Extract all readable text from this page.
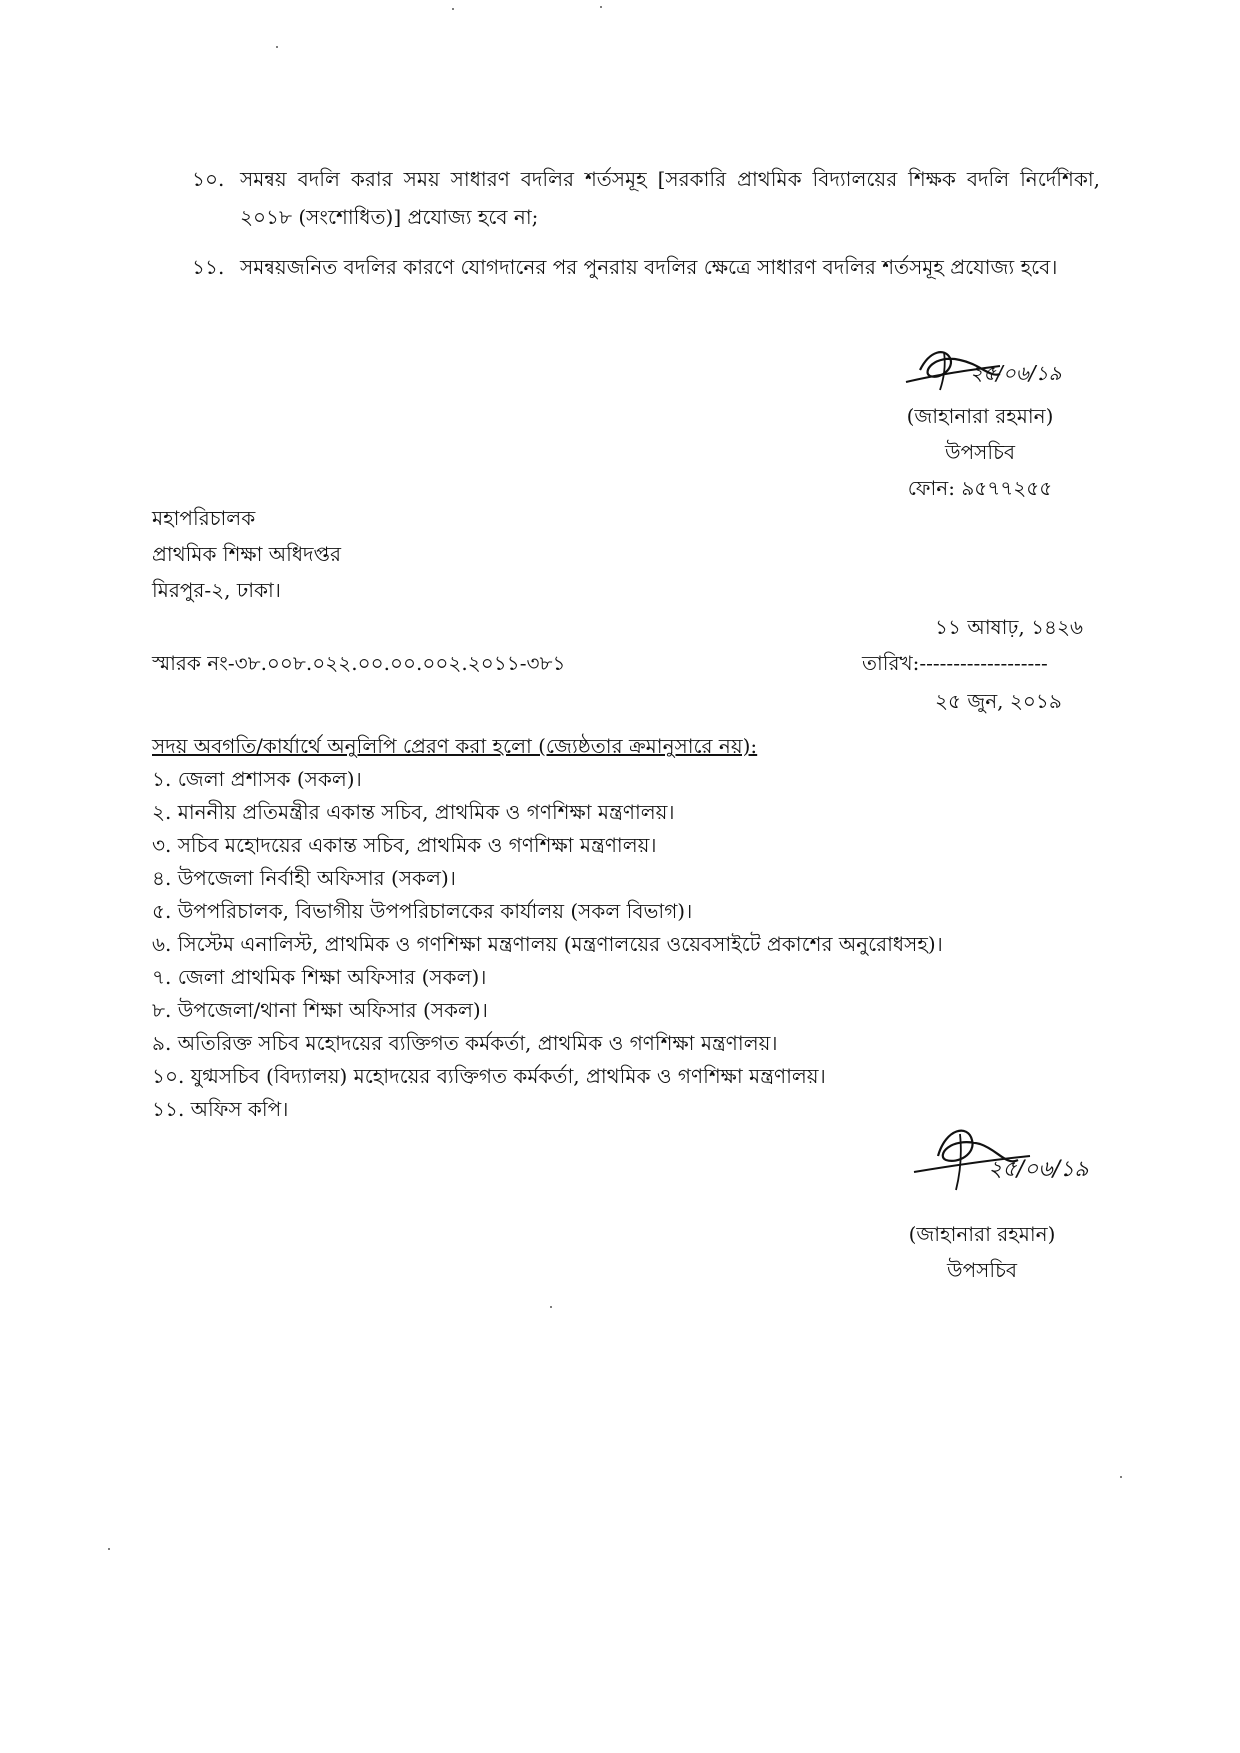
১০. সমন্বয় বদলি করার সময় সাধারণ বদলির শর্তসমূহ [সরকারি প্রাথমিক বিদ্যালয়ের শিক্ষক বদলি নির্দেশিকা, ২০১৮ (সংশোধিত)] প্রযোজ্য হবে না;
১১. সমন্বয়জনিত বদলির কারণে যোগদানের পর পুনরায় বদলির ক্ষেত্রে সাধারণ বদলির শর্তসমূহ প্রযোজ্য হবে।
২৫/০৬/১৯
(জাহানারা রহমান)
উপসচিব
ফোন: ৯৫৭৭২৫৫
মহাপরিচালক
প্রাথমিক শিক্ষা অধিদপ্তর
মিরপুর-২, ঢাকা।
১১ আষাঢ়, ১৪২৬
স্মারক নং-৩৮.০০৮.০২২.০০.০০.০০২.২০১১-৩৮১	তারিখ:-------------------
২৫ জুন, ২০১৯
সদয় অবগতি/কার্যার্থে অনুলিপি প্রেরণ করা হলো (জ্যেষ্ঠতার ক্রমানুসারে নয়):
১. জেলা প্রশাসক (সকল)।
২. মাননীয় প্রতিমন্ত্রীর একান্ত সচিব, প্রাথমিক ও গণশিক্ষা মন্ত্রণালয়।
৩. সচিব মহোদয়ের একান্ত সচিব, প্রাথমিক ও গণশিক্ষা মন্ত্রণালয়।
৪. উপজেলা নির্বাহী অফিসার (সকল)।
৫. উপপরিচালক, বিভাগীয় উপপরিচালকের কার্যালয় (সকল বিভাগ)।
৬. সিস্টেম এনালিস্ট, প্রাথমিক ও গণশিক্ষা মন্ত্রণালয় (মন্ত্রণালয়ের ওয়েবসাইটে প্রকাশের অনুরোধসহ)।
৭. জেলা প্রাথমিক শিক্ষা অফিসার (সকল)।
৮. উপজেলা/থানা শিক্ষা অফিসার (সকল)।
৯. অতিরিক্ত সচিব মহোদয়ের ব্যক্তিগত কর্মকর্তা, প্রাথমিক ও গণশিক্ষা মন্ত্রণালয়।
১০. যুগ্মসচিব (বিদ্যালয়) মহোদয়ের ব্যক্তিগত কর্মকর্তা, প্রাথমিক ও গণশিক্ষা মন্ত্রণালয়।
১১. অফিস কপি।
২৫/০৬/১৯
(জাহানারা রহমান)
উপসচিব
